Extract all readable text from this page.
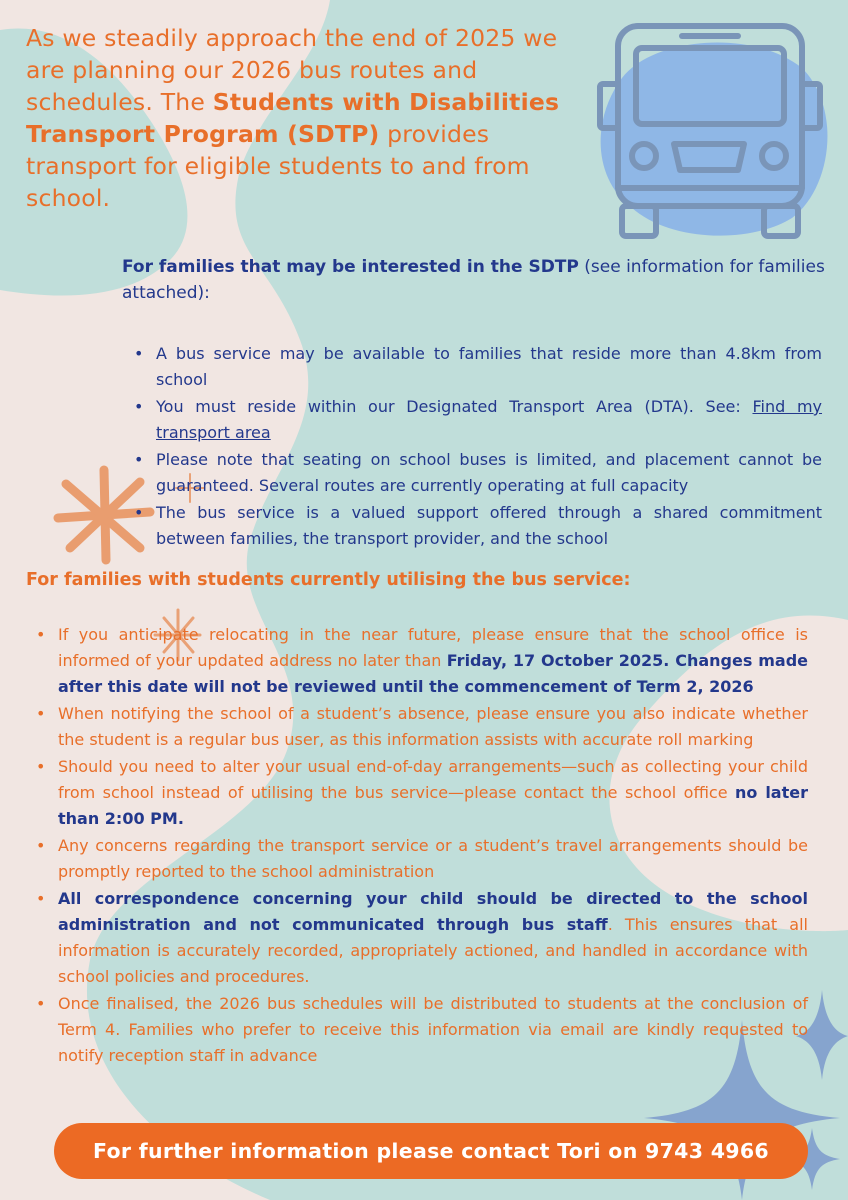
As we steadily approach the end of 2025 we are planning our 2026 bus routes and schedules. The Students with Disabilities Transport Program (SDTP) provides transport for eligible students to and from school.
For families that may be interested in the SDTP (see information for families attached):
• A bus service may be available to families that reside more than 4.8km from school
• You must reside within our Designated Transport Area (DTA). See: Find my transport area
• Please note that seating on school buses is limited, and placement cannot be guaranteed. Several routes are currently operating at full capacity
• The bus service is a valued support offered through a shared commitment between families, the transport provider, and the school
For families with students currently utilising the bus service:
• If you anticipate relocating in the near future, please ensure that the school office is informed of your updated address no later than Friday, 17 October 2025. Changes made after this date will not be reviewed until the commencement of Term 2, 2026
• When notifying the school of a student’s absence, please ensure you also indicate whether the student is a regular bus user, as this information assists with accurate roll marking
• Should you need to alter your usual end-of-day arrangements—such as collecting your child from school instead of utilising the bus service—please contact the school office no later than 2:00 PM.
• Any concerns regarding the transport service or a student’s travel arrangements should be promptly reported to the school administration
• All correspondence concerning your child should be directed to the school administration and not communicated through bus staff. This ensures that all information is accurately recorded, appropriately actioned, and handled in accordance with school policies and procedures.
• Once finalised, the 2026 bus schedules will be distributed to students at the conclusion of Term 4. Families who prefer to receive this information via email are kindly requested to notify reception staff in advance
For further information please contact Tori on 9743 4966
